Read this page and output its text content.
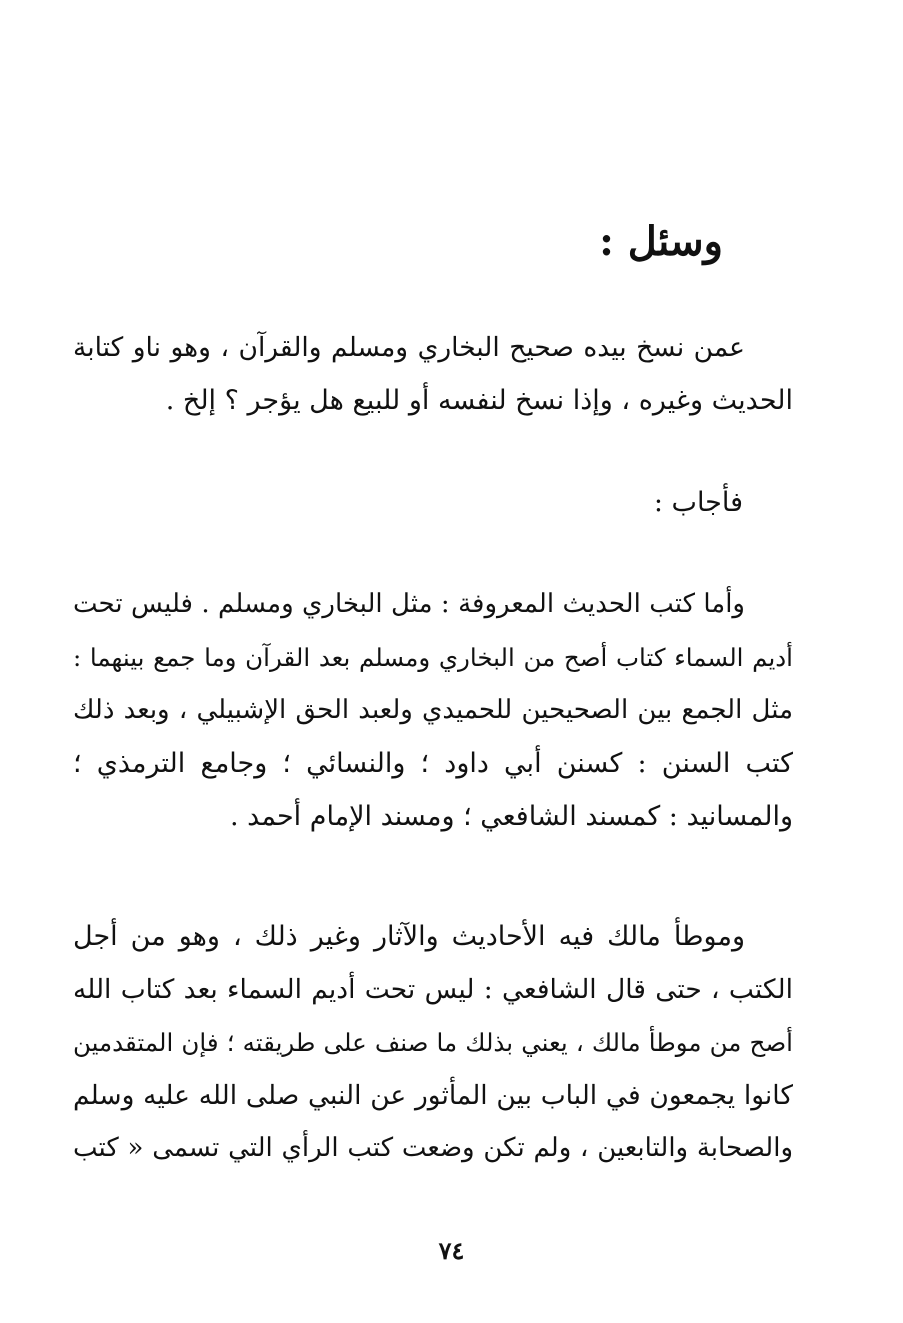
وسئل :
عمن نسخ بيده صحيح البخاري ومسلم والقرآن ، وهو ناو كتابة
الحديث وغيره ، وإذا نسخ لنفسه أو للبيع هل يؤجر ؟ إلخ .

فأجاب :

وأما كتب الحديث المعروفة : مثل البخاري ومسلم . فليس تحت
أديم السماء كتاب أصح من البخاري ومسلم بعد القرآن وما جمع بينهما :
مثل الجمع بين الصحيحين للحميدي ولعبد الحق الإشبيلي ، وبعد ذلك
كتب السنن : كسنن أبي داود ؛ والنسائي ؛ وجامع الترمذي ؛
والمسانيد : كمسند الشافعي ؛ ومسند الإمام أحمد .
وموطأ مالك فيه الأحاديث والآثار وغير ذلك ، وهو من أجل
الكتب ، حتى قال الشافعي : ليس تحت أديم السماء بعد كتاب الله
أصح من موطأ مالك ، يعني بذلك ما صنف على طريقته ؛ فإن المتقدمين
كانوا يجمعون في الباب بين المأثور عن النبي صلى الله عليه وسلم
والصحابة والتابعين ، ولم تكن وضعت كتب الرأي التي تسمى « كتب

٧٤
